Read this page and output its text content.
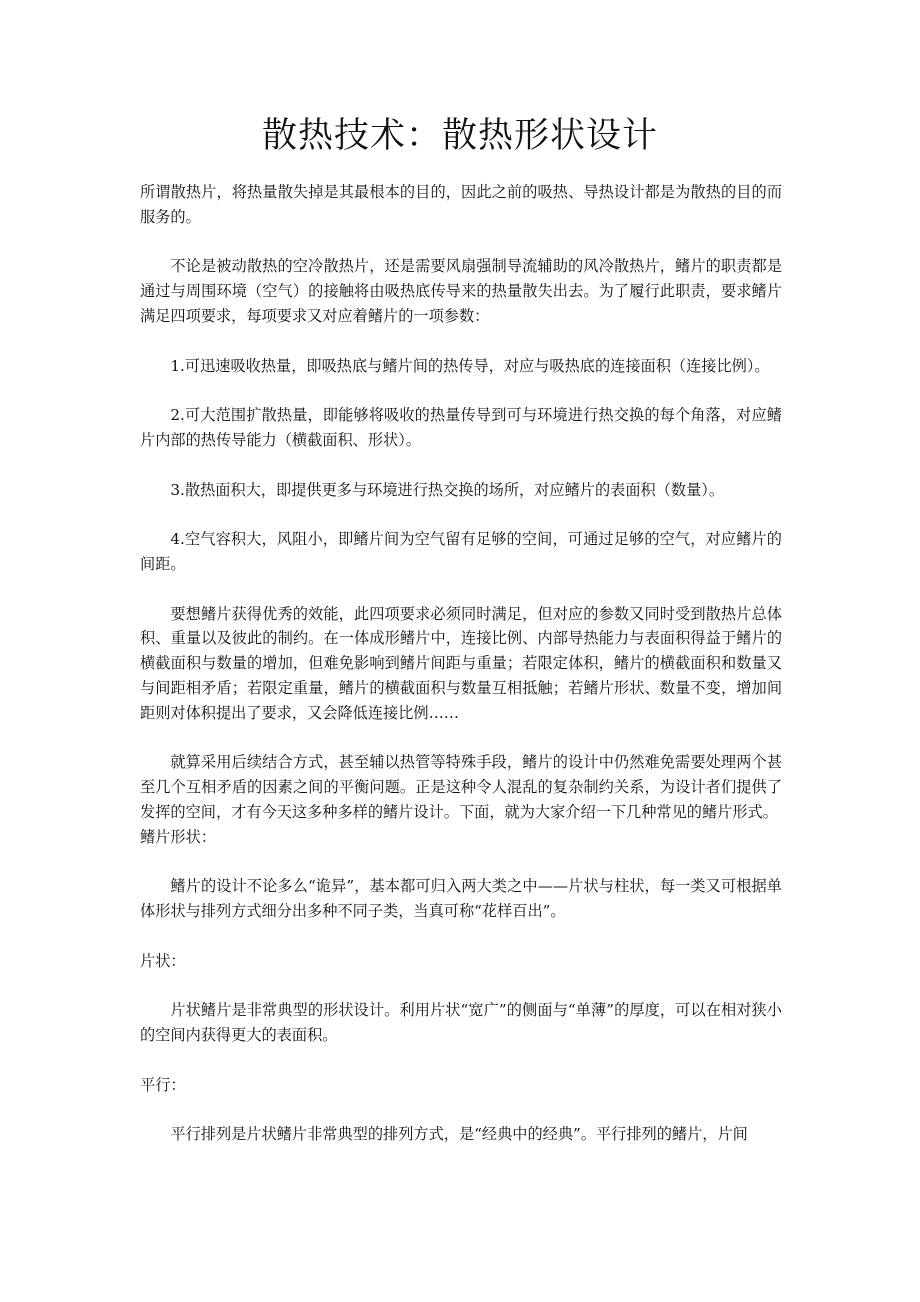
散热技术：散热形状设计

所谓散热片，将热量散失掉是其最根本的目的，因此之前的吸热、导热设计都是为散热的目的而服务的。

不论是被动散热的空冷散热片，还是需要风扇强制导流辅助的风冷散热片，鳍片的职责都是通过与周围环境（空气）的接触将由吸热底传导来的热量散失出去。为了履行此职责，要求鳍片满足四项要求，每项要求又对应着鳍片的一项参数：

1.可迅速吸收热量，即吸热底与鳍片间的热传导，对应与吸热底的连接面积（连接比例）。

2.可大范围扩散热量，即能够将吸收的热量传导到可与环境进行热交换的每个角落，对应鳍片内部的热传导能力（横截面积、形状）。

3.散热面积大，即提供更多与环境进行热交换的场所，对应鳍片的表面积（数量）。

4.空气容积大，风阻小，即鳍片间为空气留有足够的空间，可通过足够的空气，对应鳍片的间距。

要想鳍片获得优秀的效能，此四项要求必须同时满足，但对应的参数又同时受到散热片总体积、重量以及彼此的制约。在一体成形鳍片中，连接比例、内部导热能力与表面积得益于鳍片的横截面积与数量的增加，但难免影响到鳍片间距与重量；若限定体积，鳍片的横截面积和数量又与间距相矛盾；若限定重量，鳍片的横截面积与数量互相抵触；若鳍片形状、数量不变，增加间距则对体积提出了要求，又会降低连接比例……

就算采用后续结合方式，甚至辅以热管等特殊手段，鳍片的设计中仍然难免需要处理两个甚至几个互相矛盾的因素之间的平衡问题。正是这种令人混乱的复杂制约关系，为设计者们提供了发挥的空间，才有今天这多种多样的鳍片设计。下面，就为大家介绍一下几种常见的鳍片形式。

鳍片形状：

鳍片的设计不论多么“诡异”，基本都可归入两大类之中——片状与柱状，每一类又可根据单体形状与排列方式细分出多种不同子类，当真可称“花样百出”。

片状：

片状鳍片是非常典型的形状设计。利用片状“宽广”的侧面与“单薄”的厚度，可以在相对狭小的空间内获得更大的表面积。

平行：

平行排列是片状鳍片非常典型的排列方式，是“经典中的经典”。平行排列的鳍片，片间
